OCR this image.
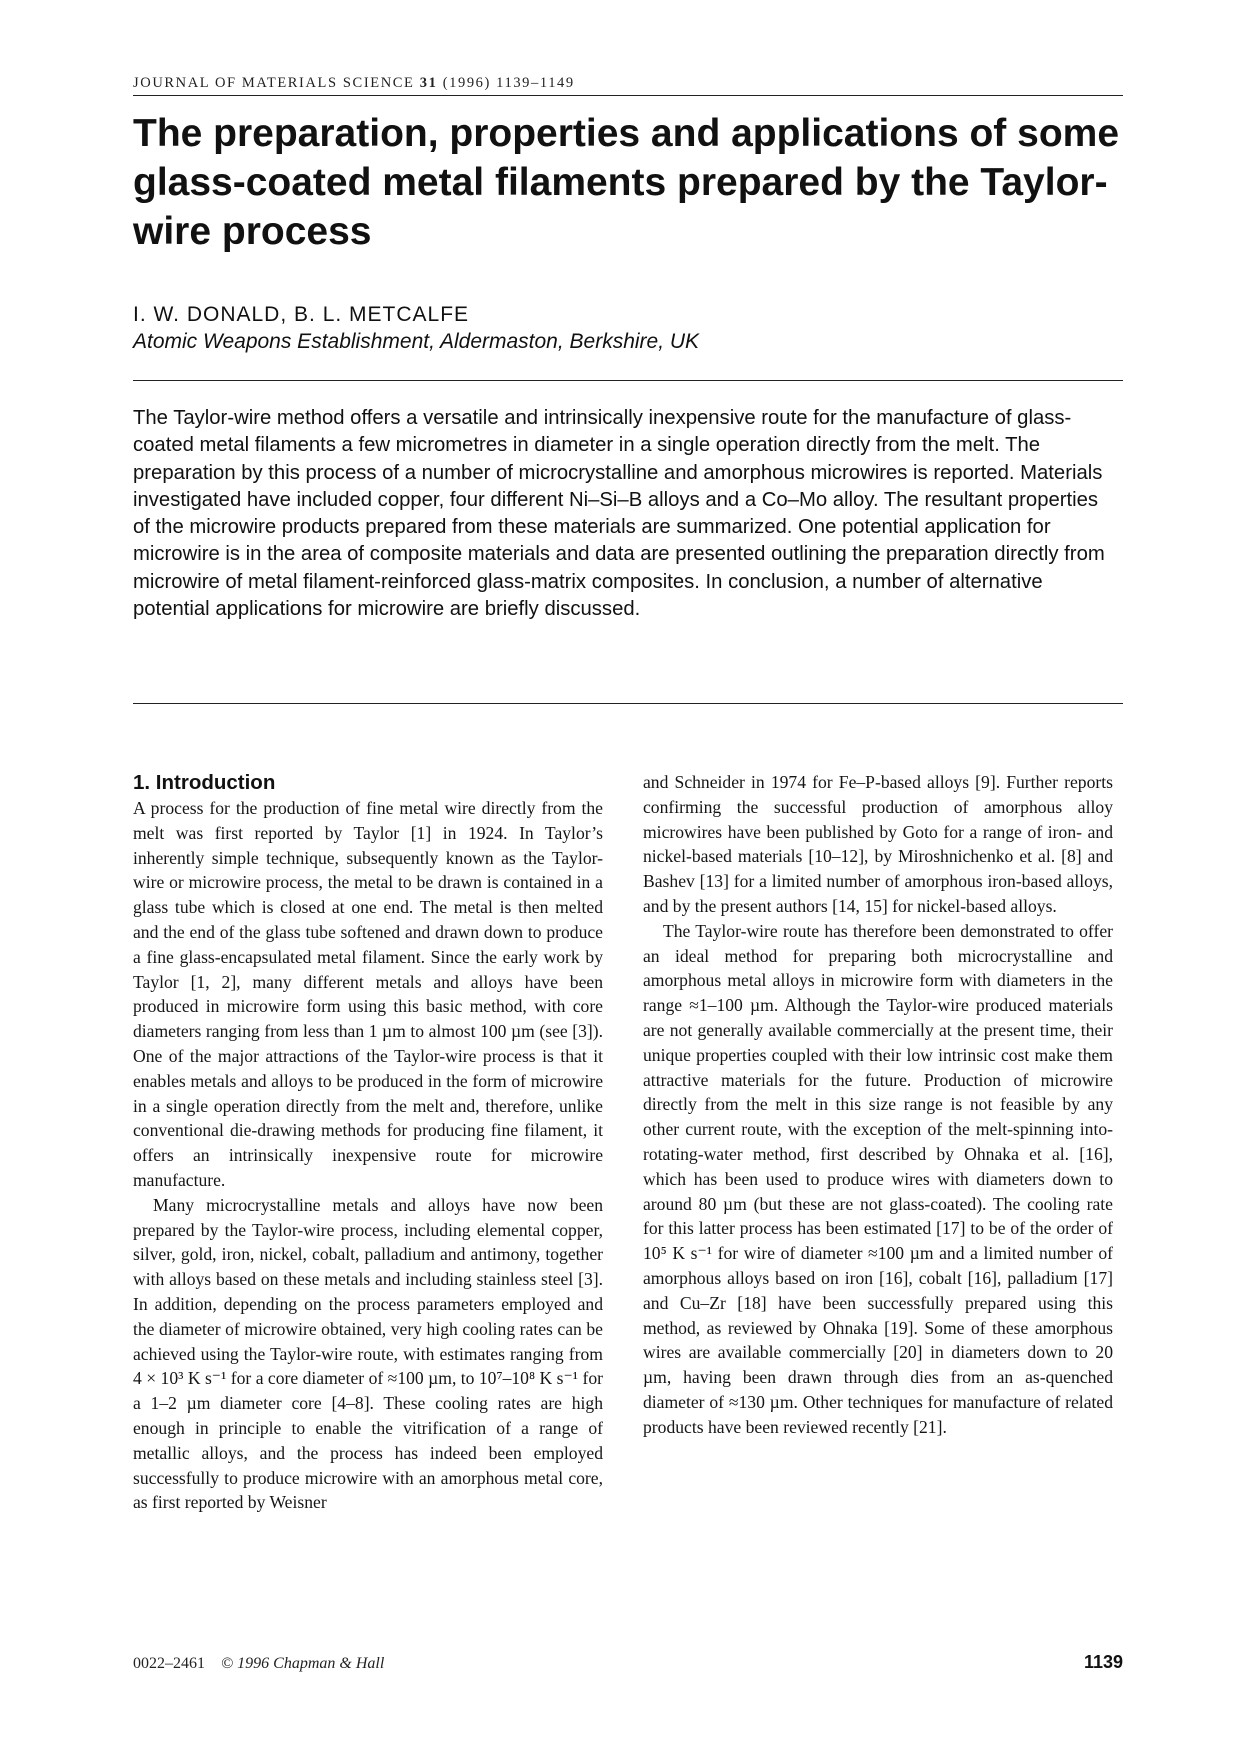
JOURNAL OF MATERIALS SCIENCE 31 (1996) 1139–1149
The preparation, properties and applications of some glass-coated metal filaments prepared by the Taylor-wire process
I. W. DONALD, B. L. METCALFE
Atomic Weapons Establishment, Aldermaston, Berkshire, UK

The Taylor-wire method offers a versatile and intrinsically inexpensive route for the manufacture of glass-coated metal filaments a few micrometres in diameter in a single operation directly from the melt. The preparation by this process of a number of microcrystalline and amorphous microwires is reported. Materials investigated have included copper, four different Ni–Si–B alloys and a Co–Mo alloy. The resultant properties of the microwire products prepared from these materials are summarized. One potential application for microwire is in the area of composite materials and data are presented outlining the preparation directly from microwire of metal filament-reinforced glass-matrix composites. In conclusion, a number of alternative potential applications for microwire are briefly discussed.

1. Introduction

A process for the production of fine metal wire directly from the melt was first reported by Taylor [1] in 1924. In Taylor’s inherently simple technique, subsequently known as the Taylor-wire or microwire process, the metal to be drawn is contained in a glass tube which is closed at one end. The metal is then melted and the end of the glass tube softened and drawn down to produce a fine glass-encapsulated metal filament. Since the early work by Taylor [1, 2], many different metals and alloys have been produced in microwire form using this basic method, with core diameters ranging from less than 1 µm to almost 100 µm (see [3]). One of the major attractions of the Taylor-wire process is that it enables metals and alloys to be produced in the form of microwire in a single operation directly from the melt and, therefore, unlike conventional die-drawing methods for producing fine filament, it offers an intrinsically inexpensive route for microwire manufacture.

Many microcrystalline metals and alloys have now been prepared by the Taylor-wire process, including elemental copper, silver, gold, iron, nickel, cobalt, palladium and antimony, together with alloys based on these metals and including stainless steel [3]. In addition, depending on the process parameters employed and the diameter of microwire obtained, very high cooling rates can be achieved using the Taylor-wire route, with estimates ranging from 4 × 10³ K s⁻¹ for a core diameter of ≈100 µm, to 10⁷–10⁸ K s⁻¹ for a 1–2 µm diameter core [4–8]. These cooling rates are high enough in principle to enable the vitrification of a range of metallic alloys, and the process has indeed been employed successfully to produce microwire with an amorphous metal core, as first reported by Weisner

and Schneider in 1974 for Fe–P-based alloys [9]. Further reports confirming the successful production of amorphous alloy microwires have been published by Goto for a range of iron- and nickel-based materials [10–12], by Miroshnichenko et al. [8] and Bashev [13] for a limited number of amorphous iron-based alloys, and by the present authors [14, 15] for nickel-based alloys.

The Taylor-wire route has therefore been demonstrated to offer an ideal method for preparing both microcrystalline and amorphous metal alloys in microwire form with diameters in the range ≈1–100 µm. Although the Taylor-wire produced materials are not generally available commercially at the present time, their unique properties coupled with their low intrinsic cost make them attractive materials for the future. Production of microwire directly from the melt in this size range is not feasible by any other current route, with the exception of the melt-spinning into-rotating-water method, first described by Ohnaka et al. [16], which has been used to produce wires with diameters down to around 80 µm (but these are not glass-coated). The cooling rate for this latter process has been estimated [17] to be of the order of 10⁵ K s⁻¹ for wire of diameter ≈100 µm and a limited number of amorphous alloys based on iron [16], cobalt [16], palladium [17] and Cu–Zr [18] have been successfully prepared using this method, as reviewed by Ohnaka [19]. Some of these amorphous wires are available commercially [20] in diameters down to 20 µm, having been drawn through dies from an as-quenched diameter of ≈130 µm. Other techniques for manufacture of related products have been reviewed recently [21].

0022–2461 © 1996 Chapman & Hall	1139
